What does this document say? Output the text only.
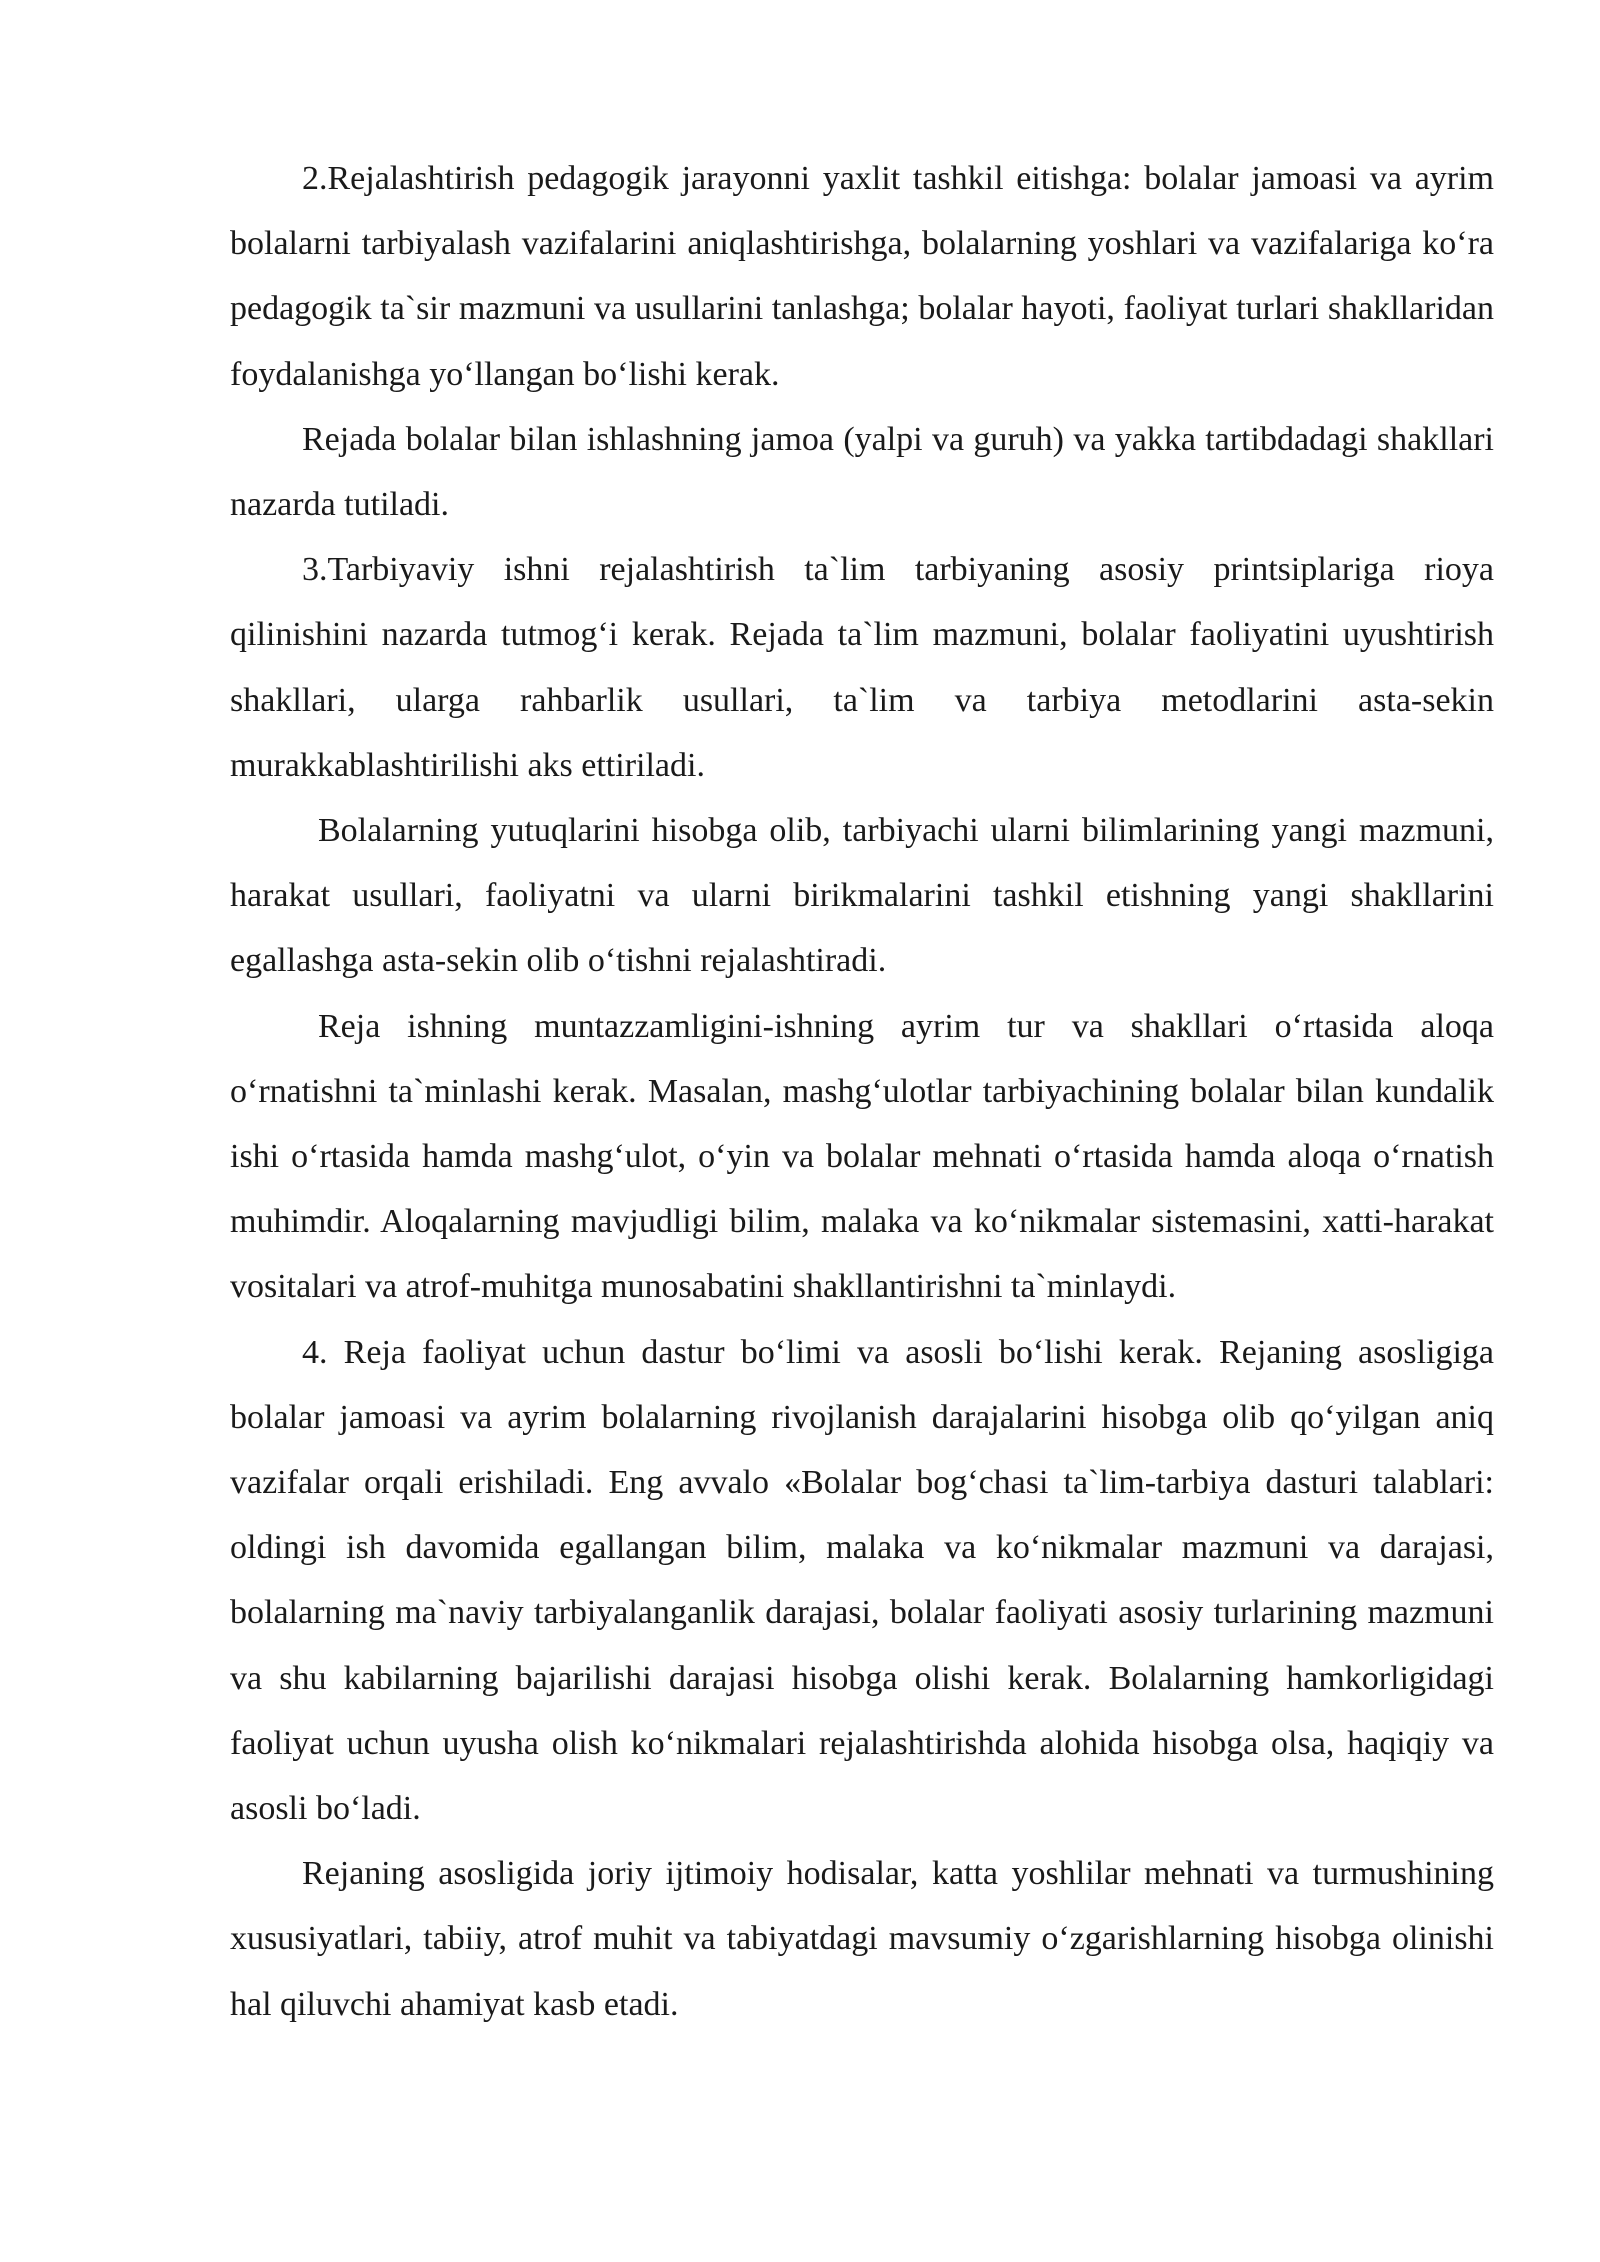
2.Rejalashtirish pedagogik jarayonni yaxlit tashkil eitishga: bolalar jamoasi va ayrim bolalarni tarbiyalash vazifalarini aniqlashtirishga, bolalarning yoshlari va vazifalariga ko‘ra pedagogik ta`sir mazmuni va usullarini tanlashga; bolalar hayoti, faoliyat turlari shakllaridan foydalanishga yo‘llangan bo‘lishi kerak.

Rejada bolalar bilan ishlashning jamoa (yalpi va guruh) va yakka tartibdadagi shakllari nazarda tutiladi.

3.Tarbiyaviy ishni rejalashtirish ta`lim tarbiyaning asosiy printsiplariga rioya qilinishini nazarda tutmog‘i kerak. Rejada ta`lim mazmuni, bolalar faoliyatini uyushtirish shakllari, ularga rahbarlik usullari, ta`lim va tarbiya metodlarini asta-sekin murakkablashtirilishi aks ettiriladi.

Bolalarning yutuqlarini hisobga olib, tarbiyachi ularni bilimlarining yangi mazmuni, harakat usullari, faoliyatni va ularni birikmalarini tashkil etishning yangi shakllarini egallashga asta-sekin olib o‘tishni rejalashtiradi.

Reja ishning muntazzamligini-ishning ayrim tur va shakllari o‘rtasida aloqa o‘rnatishni ta`minlashi kerak. Masalan, mashg‘ulotlar tarbiyachining bolalar bilan kundalik ishi o‘rtasida hamda mashg‘ulot, o‘yin va bolalar mehnati o‘rtasida hamda aloqa o‘rnatish muhimdir. Aloqalarning mavjudligi bilim, malaka va ko‘nikmalar sistemasini, xatti-harakat vositalari va atrof-muhitga munosabatini shakllantirishni ta`minlaydi.

4. Reja faoliyat uchun dastur bo‘limi va asosli bo‘lishi kerak. Rejaning asosligiga bolalar jamoasi va ayrim bolalarning rivojlanish darajalarini hisobga olib qo‘yilgan aniq vazifalar orqali erishiladi. Eng avvalo «Bolalar bog‘chasi ta`lim-tarbiya dasturi talablari: oldingi ish davomida egallangan bilim, malaka va ko‘nikmalar mazmuni va darajasi, bolalarning ma`naviy tarbiyalanganlik darajasi, bolalar faoliyati asosiy turlarining mazmuni va shu kabilarning bajarilishi darajasi hisobga olishi kerak. Bolalarning hamkorligidagi faoliyat uchun uyusha olish ko‘nikmalari rejalashtirishda alohida hisobga olsa, haqiqiy va asosli bo‘ladi.

Rejaning asosligida joriy ijtimoiy hodisalar, katta yoshlilar mehnati va turmushining xususiyatlari, tabiiy, atrof muhit va tabiyatdagi mavsumiy o‘zgarishlarning hisobga olinishi hal qiluvchi ahamiyat kasb etadi.
